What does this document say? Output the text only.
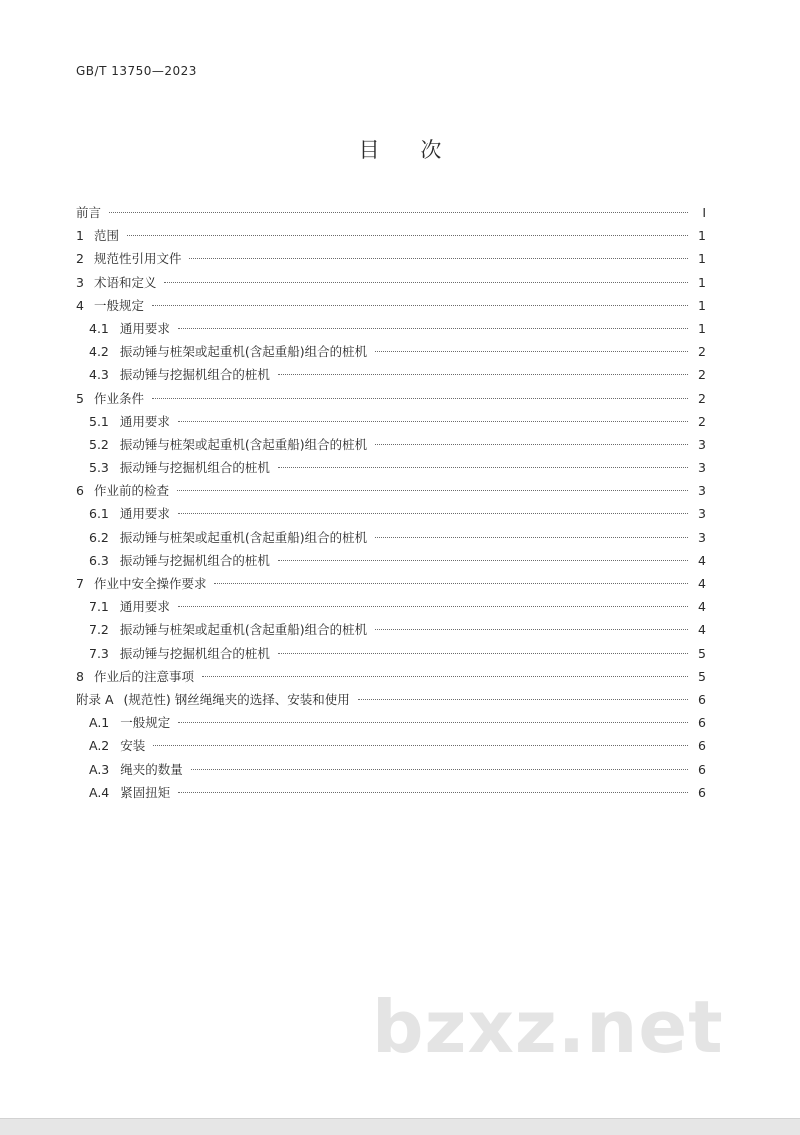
GB/T 13750—2023
目 次
前言	I
1 范围	1
2 规范性引用文件	1
3 术语和定义	1
4 一般规定	1
4.1 通用要求	1
4.2 振动锤与桩架或起重机(含起重船)组合的桩机	2
4.3 振动锤与挖掘机组合的桩机	2
5 作业条件	2
5.1 通用要求	2
5.2 振动锤与桩架或起重机(含起重船)组合的桩机	3
5.3 振动锤与挖掘机组合的桩机	3
6 作业前的检查	3
6.1 通用要求	3
6.2 振动锤与桩架或起重机(含起重船)组合的桩机	3
6.3 振动锤与挖掘机组合的桩机	4
7 作业中安全操作要求	4
7.1 通用要求	4
7.2 振动锤与桩架或起重机(含起重船)组合的桩机	4
7.3 振动锤与挖掘机组合的桩机	5
8 作业后的注意事项	5
附录 A (规范性) 钢丝绳绳夹的选择、安装和使用	6
A.1 一般规定	6
A.2 安装	6
A.3 绳夹的数量	6
A.4 紧固扭矩	6
bzxz.net
